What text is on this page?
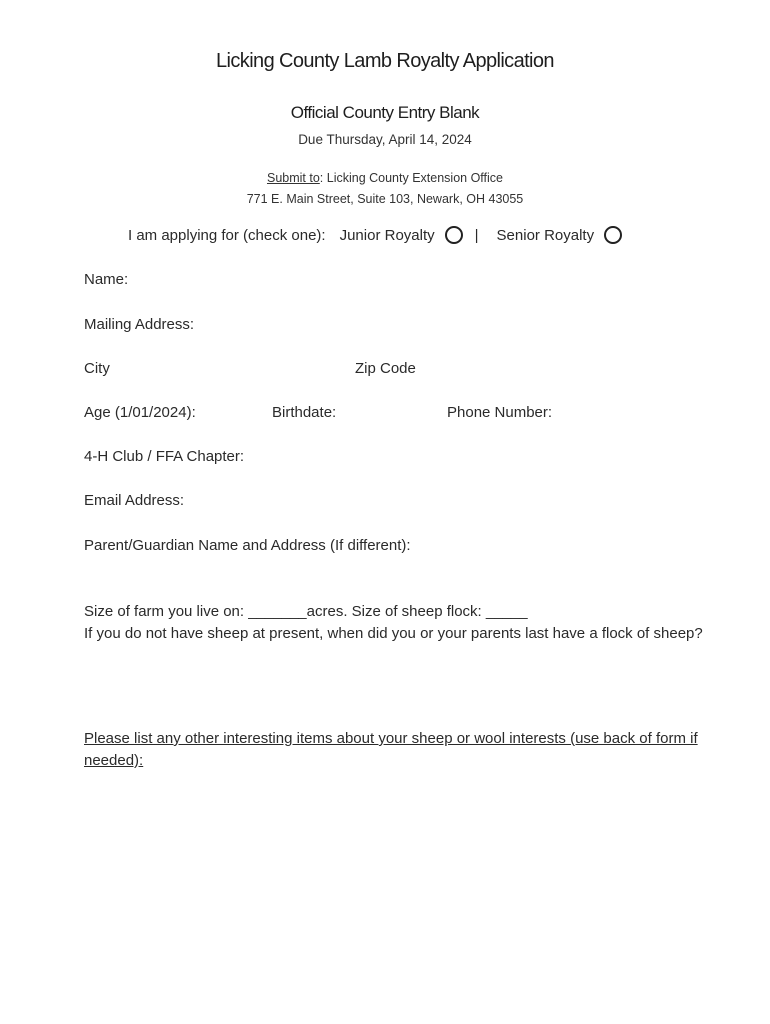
Licking County Lamb Royalty Application
Official County Entry Blank
Due Thursday, April 14, 2024
Submit to: Licking County Extension Office
771 E. Main Street, Suite 103, Newark, OH 43055
I am applying for (check one): Junior Royalty	| Senior Royalty
Name:
Mailing Address:
City	Zip Code
Age (1/01/2024):	Birthdate:	Phone Number:
4-H Club / FFA Chapter:
Email Address:
Parent/Guardian Name and Address (If different):
Size of farm you live on: _______acres. Size of sheep flock: _____
If you do not have sheep at present, when did you or your parents last have a flock of sheep?
Please list any other interesting items about your sheep or wool interests (use back of form if needed):
